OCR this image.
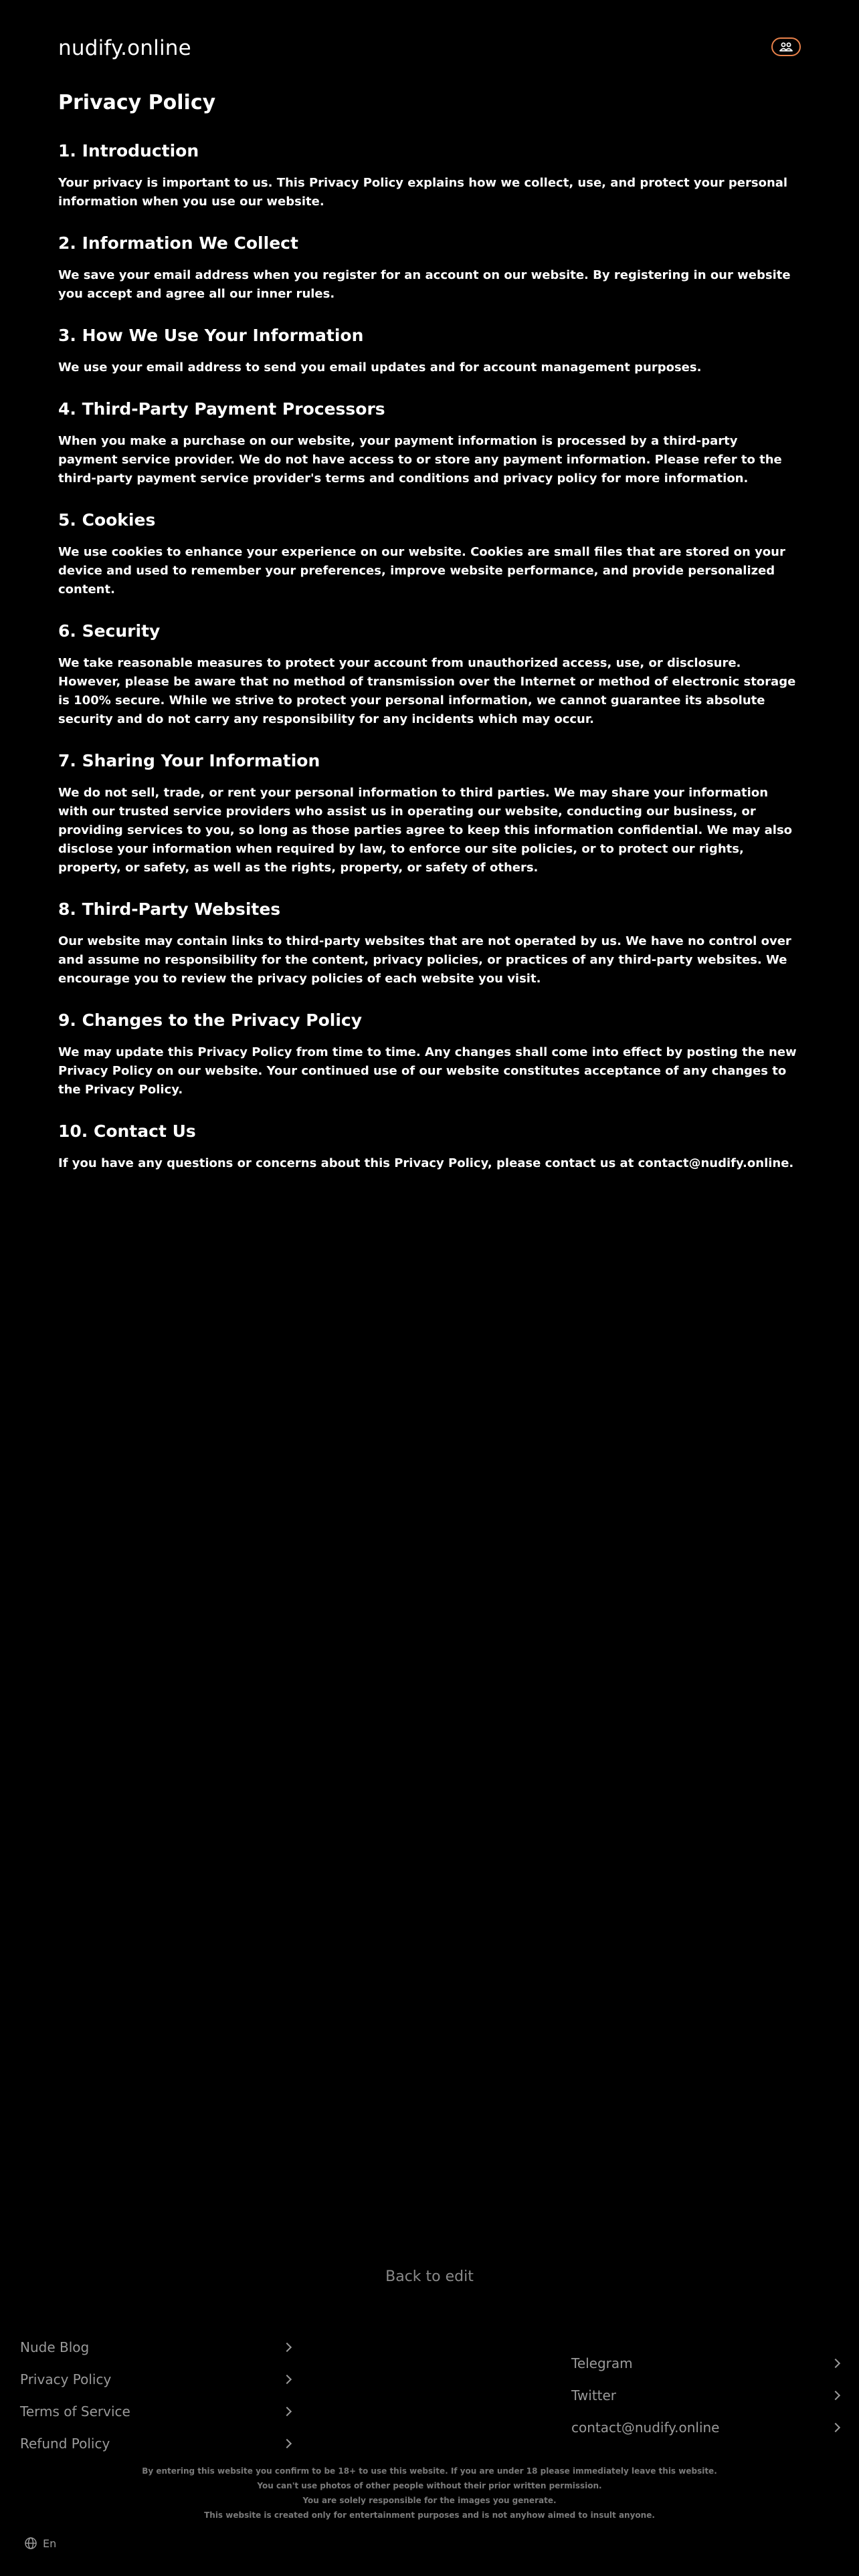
nudify.online
Privacy Policy
1. Introduction

Your privacy is important to us. This Privacy Policy explains how we collect, use, and protect your personal information when you use our website.

2. Information We Collect

We save your email address when you register for an account on our website. By registering in our website you accept and agree all our inner rules.

3. How We Use Your Information

We use your email address to send you email updates and for account management purposes.

4. Third-Party Payment Processors

When you make a purchase on our website, your payment information is processed by a third-party payment service provider. We do not have access to or store any payment information. Please refer to the third-party payment service provider's terms and conditions and privacy policy for more information.

5. Cookies

We use cookies to enhance your experience on our website. Cookies are small files that are stored on your device and used to remember your preferences, improve website performance, and provide personalized content.

6. Security

We take reasonable measures to protect your account from unauthorized access, use, or disclosure. However, please be aware that no method of transmission over the Internet or method of electronic storage is 100% secure. While we strive to protect your personal information, we cannot guarantee its absolute security and do not carry any responsibility for any incidents which may occur.

7. Sharing Your Information

We do not sell, trade, or rent your personal information to third parties. We may share your information with our trusted service providers who assist us in operating our website, conducting our business, or providing services to you, so long as those parties agree to keep this information confidential. We may also disclose your information when required by law, to enforce our site policies, or to protect our rights, property, or safety, as well as the rights, property, or safety of others.

8. Third-Party Websites

Our website may contain links to third-party websites that are not operated by us. We have no control over and assume no responsibility for the content, privacy policies, or practices of any third-party websites. We encourage you to review the privacy policies of each website you visit.

9. Changes to the Privacy Policy

We may update this Privacy Policy from time to time. Any changes shall come into effect by posting the new Privacy Policy on our website. Your continued use of our website constitutes acceptance of any changes to the Privacy Policy.

10. Contact Us

If you have any questions or concerns about this Privacy Policy, please contact us at contact@nudify.online.

Back to edit
Nude Blog
Privacy Policy
Terms of Service
Refund Policy
Telegram
Twitter
contact@nudify.online
By entering this website you confirm to be 18+ to use this website. If you are under 18 please immediately leave this website.
You can't use photos of other people without their prior written permission.
You are solely responsible for the images you generate.
This website is created only for entertainment purposes and is not anyhow aimed to insult anyone.
En
